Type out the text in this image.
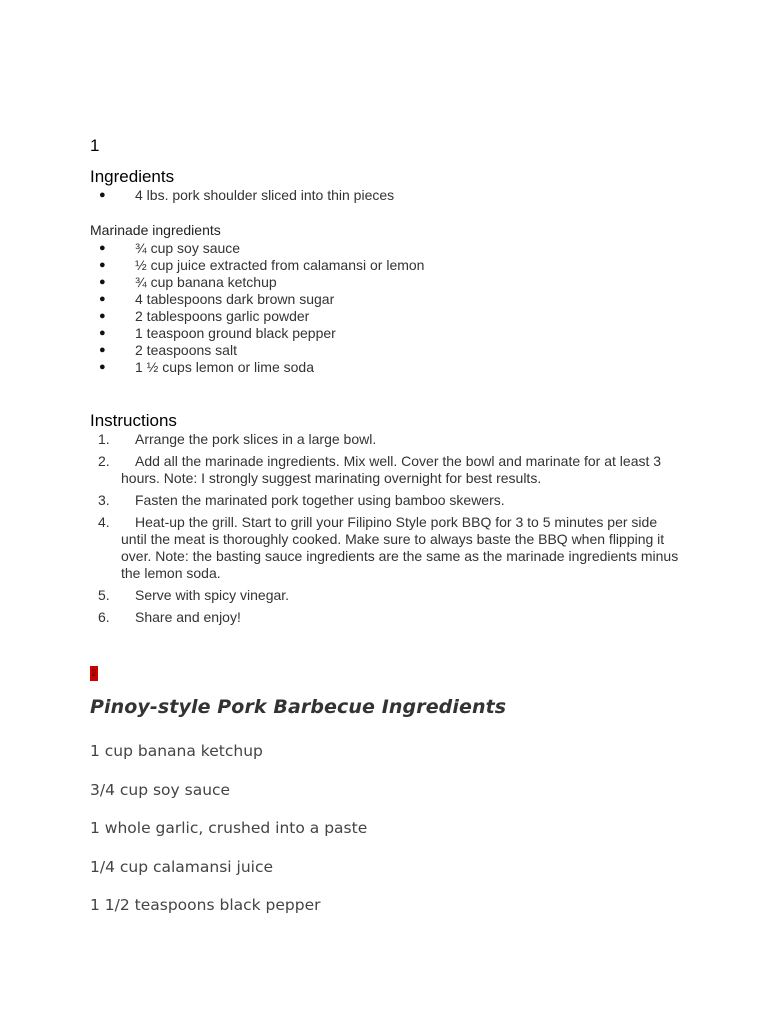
1
Ingredients
● 4 lbs. pork shoulder sliced into thin pieces
Marinade ingredients
● ¾ cup soy sauce
● ½ cup juice extracted from calamansi or lemon
● ¾ cup banana ketchup
● 4 tablespoons dark brown sugar
● 2 tablespoons garlic powder
● 1 teaspoon ground black pepper
● 2 teaspoons salt
● 1 ½ cups lemon or lime soda
Instructions
1.	Arrange the pork slices in a large bowl.
2.	Add all the marinade ingredients. Mix well. Cover the bowl and marinate for at least 3 hours. Note: I strongly suggest marinating overnight for best results.
3.	Fasten the marinated pork together using bamboo skewers.
4.	Heat-up the grill. Start to grill your Filipino Style pork BBQ for 3 to 5 minutes per side until the meat is thoroughly cooked. Make sure to always baste the BBQ when flipping it over. Note: the basting sauce ingredients are the same as the marinade ingredients minus the lemon soda.
5.	Serve with spicy vinegar.
6.	Share and enjoy!
2
Pinoy-style Pork Barbecue Ingredients

1 cup banana ketchup

3/4 cup soy sauce

1 whole garlic, crushed into a paste

1/4 cup calamansi juice

1 1/2 teaspoons black pepper
